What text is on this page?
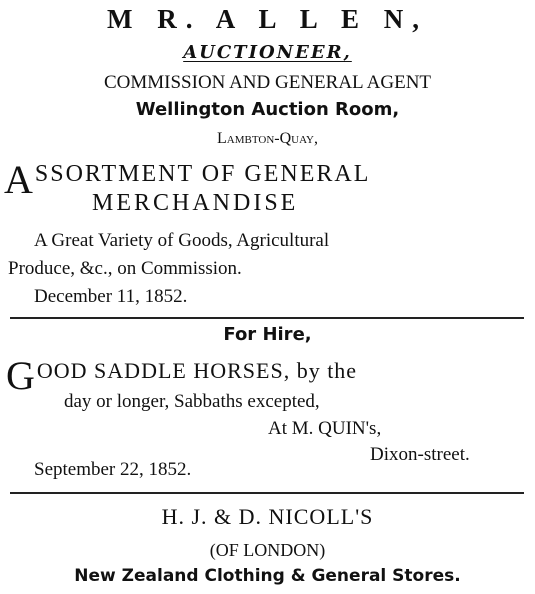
M R. A L L E N,
AUCTIONEER,
COMMISSION AND GENERAL AGENT
Wellington Auction Room,
Lambton-Quay,
ASSORTMENT OF GENERAL
MERCHANDISE
A Great Variety of Goods, Agricultural
Produce, &c., on Commission.
December 11, 1852.
For Hire,
GOOD SADDLE HORSES, by the
day or longer, Sabbaths excepted,
At M. QUIN's,
Dixon-street.
September 22, 1852.
H. J. & D. NICOLL'S
(OF LONDON)
New Zealand Clothing & General Stores.
